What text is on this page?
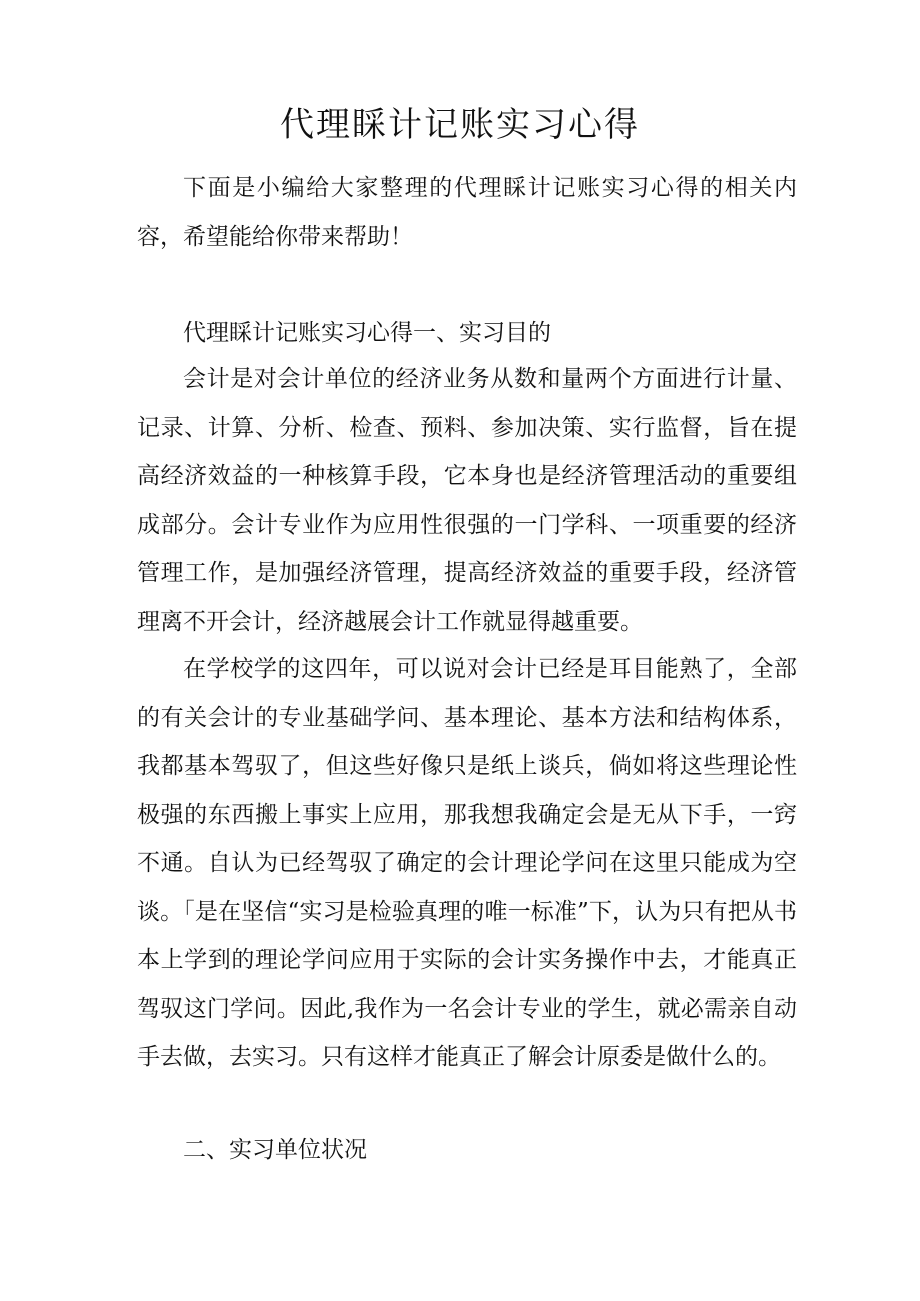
代理睬计记账实习心得

下面是小编给大家整理的代理睬计记账实习心得的相关内容，希望能给你带来帮助！

代理睬计记账实习心得一、实习目的

会计是对会计单位的经济业务从数和量两个方面进行计量、记录、计算、分析、检查、预料、参加决策、实行监督，旨在提高经济效益的一种核算手段，它本身也是经济管理活动的重要组成部分。会计专业作为应用性很强的一门学科、一项重要的经济管理工作，是加强经济管理，提高经济效益的重要手段，经济管理离不开会计，经济越展会计工作就显得越重要。

在学校学的这四年，可以说对会计已经是耳目能熟了，全部的有关会计的专业基础学问、基本理论、基本方法和结构体系，我都基本驾驭了，但这些好像只是纸上谈兵，倘如将这些理论性极强的东西搬上事实上应用，那我想我确定会是无从下手，一窍不通。自认为已经驾驭了确定的会计理论学问在这里只能成为空谈。「是在坚信“实习是检验真理的唯一标准”下，认为只有把从书本上学到的理论学问应用于实际的会计实务操作中去，才能真正驾驭这门学问。因此,我作为一名会计专业的学生，就必需亲自动手去做，去实习。只有这样才能真正了解会计原委是做什么的。

二、实习单位状况
